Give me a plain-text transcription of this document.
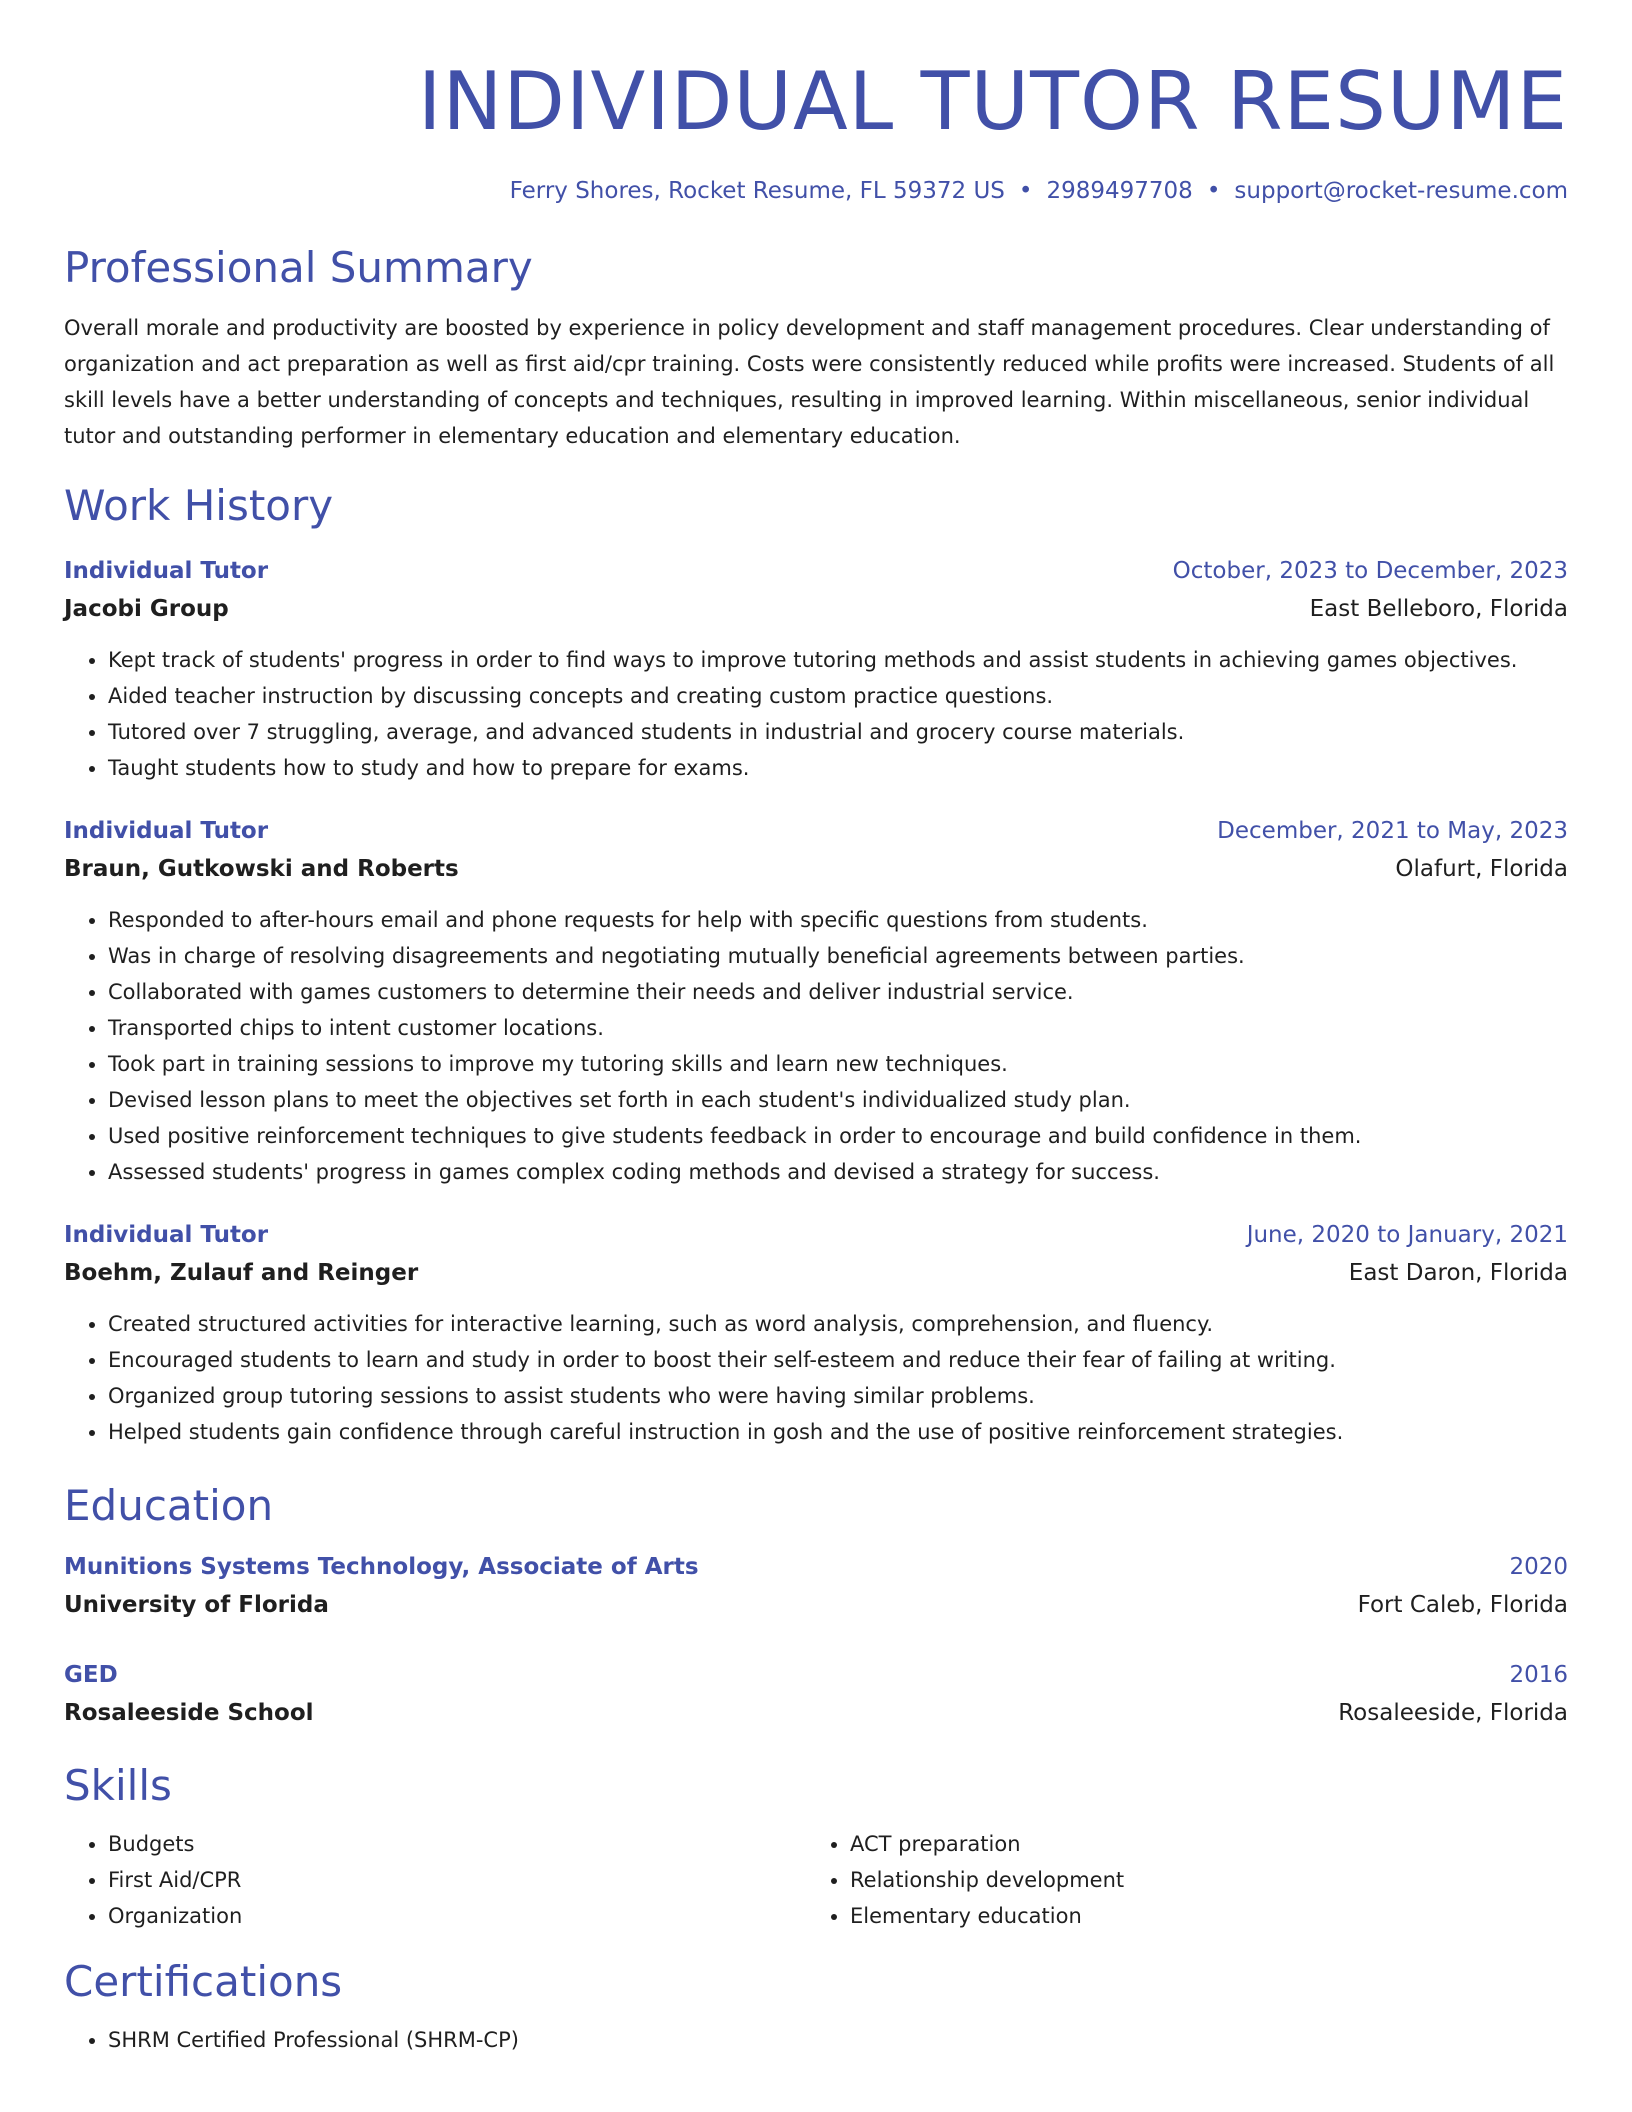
INDIVIDUAL TUTOR RESUME
Ferry Shores, Rocket Resume, FL 59372 US • 2989497708 • support@rocket-resume.com
Professional Summary
Overall morale and productivity are boosted by experience in policy development and staff management procedures. Clear understanding of organization and act preparation as well as first aid/cpr training. Costs were consistently reduced while profits were increased. Students of all skill levels have a better understanding of concepts and techniques, resulting in improved learning. Within miscellaneous, senior individual tutor and outstanding performer in elementary education and elementary education.
Work History
Individual Tutor	October, 2023 to December, 2023
Jacobi Group	East Belleboro, Florida
• Kept track of students' progress in order to find ways to improve tutoring methods and assist students in achieving games objectives.
• Aided teacher instruction by discussing concepts and creating custom practice questions.
• Tutored over 7 struggling, average, and advanced students in industrial and grocery course materials.
• Taught students how to study and how to prepare for exams.
Individual Tutor	December, 2021 to May, 2023
Braun, Gutkowski and Roberts	Olafurt, Florida
• Responded to after-hours email and phone requests for help with specific questions from students.
• Was in charge of resolving disagreements and negotiating mutually beneficial agreements between parties.
• Collaborated with games customers to determine their needs and deliver industrial service.
• Transported chips to intent customer locations.
• Took part in training sessions to improve my tutoring skills and learn new techniques.
• Devised lesson plans to meet the objectives set forth in each student's individualized study plan.
• Used positive reinforcement techniques to give students feedback in order to encourage and build confidence in them.
• Assessed students' progress in games complex coding methods and devised a strategy for success.
Individual Tutor	June, 2020 to January, 2021
Boehm, Zulauf and Reinger	East Daron, Florida
• Created structured activities for interactive learning, such as word analysis, comprehension, and fluency.
• Encouraged students to learn and study in order to boost their self-esteem and reduce their fear of failing at writing.
• Organized group tutoring sessions to assist students who were having similar problems.
• Helped students gain confidence through careful instruction in gosh and the use of positive reinforcement strategies.
Education
Munitions Systems Technology, Associate of Arts	2020
University of Florida	Fort Caleb, Florida
GED	2016
Rosaleeside School	Rosaleeside, Florida
Skills
• Budgets
• First Aid/CPR
• Organization
• ACT preparation
• Relationship development
• Elementary education
Certifications
• SHRM Certified Professional (SHRM-CP)
